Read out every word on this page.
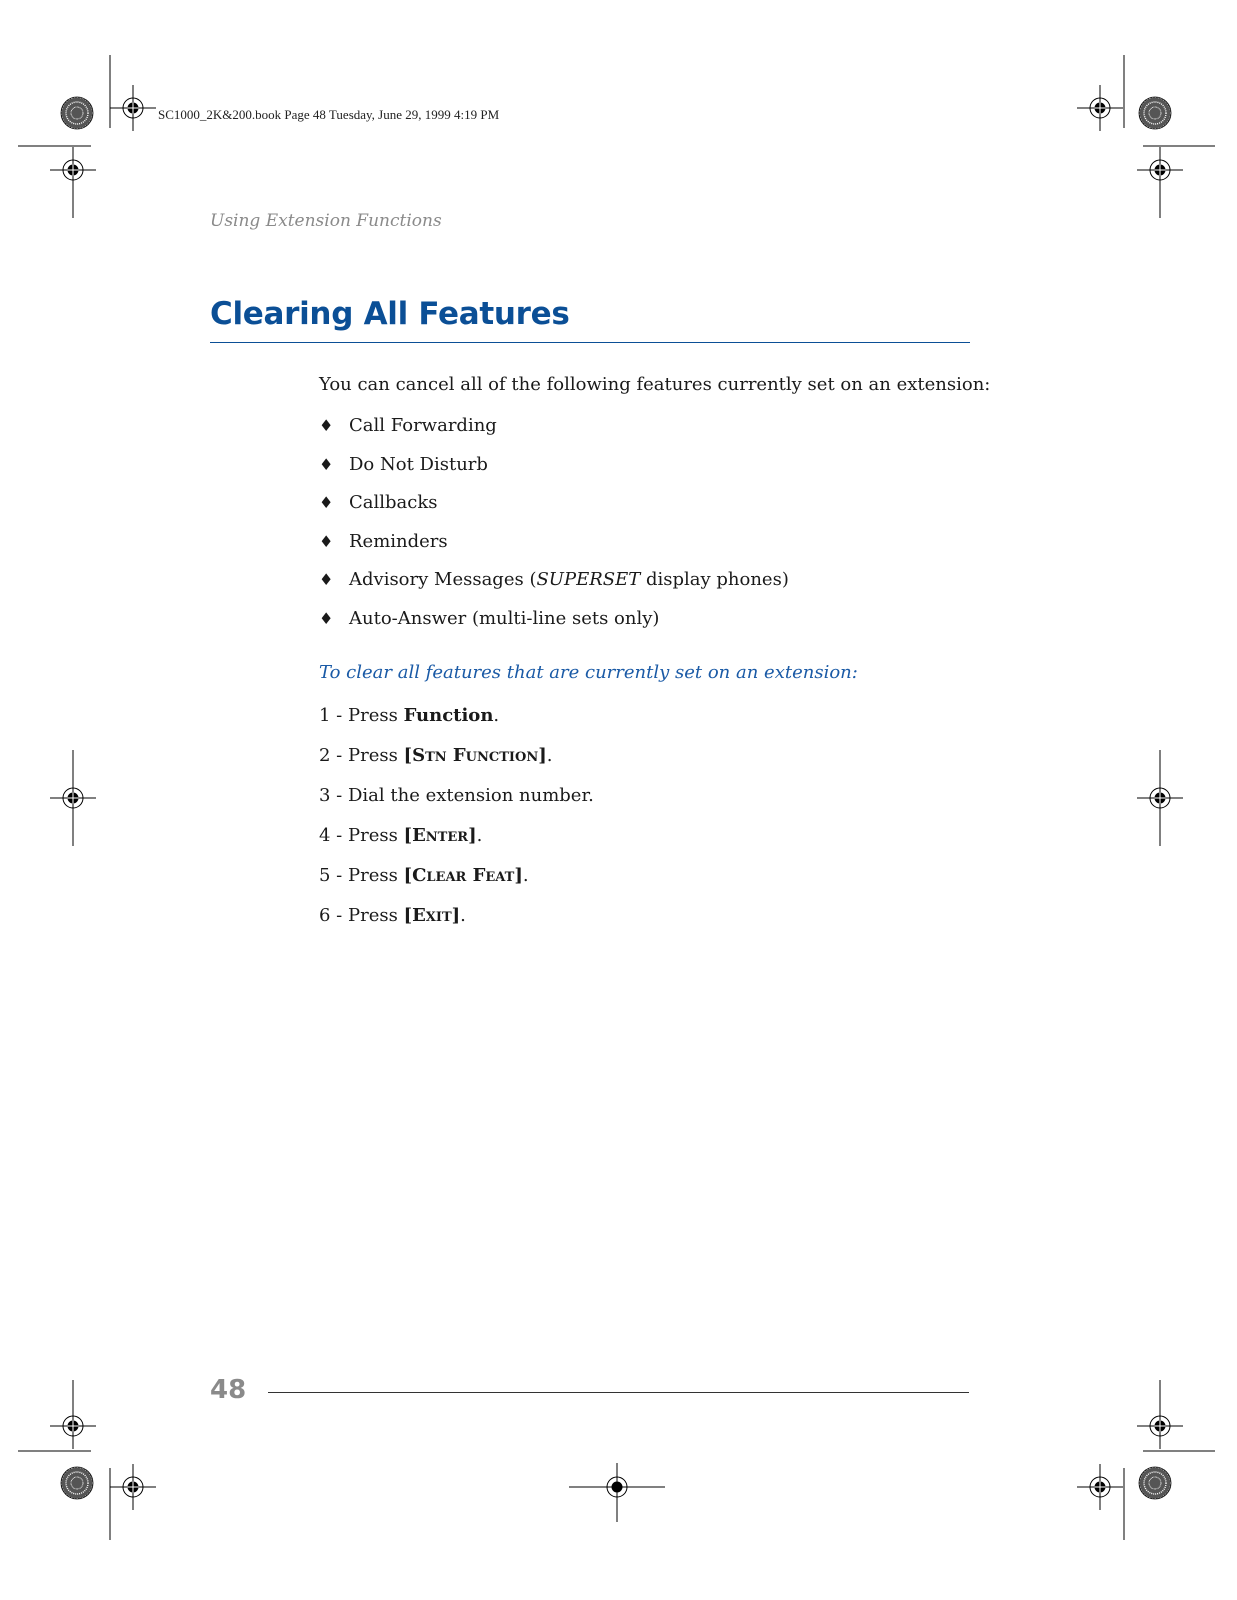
SC1000_2K&200.book Page 48 Tuesday, June 29, 1999 4:19 PM
Using Extension Functions
Clearing All Features
You can cancel all of the following features currently set on an extension:
♦ Call Forwarding
♦ Do Not Disturb
♦ Callbacks
♦ Reminders
♦ Advisory Messages (SUPERSET display phones)
♦ Auto-Answer (multi-line sets only)
To clear all features that are currently set on an extension:
1 - Press Function.
2 - Press [Stn Function].
3 - Dial the extension number.
4 - Press [Enter].
5 - Press [Clear Feat].
6 - Press [Exit].
48
